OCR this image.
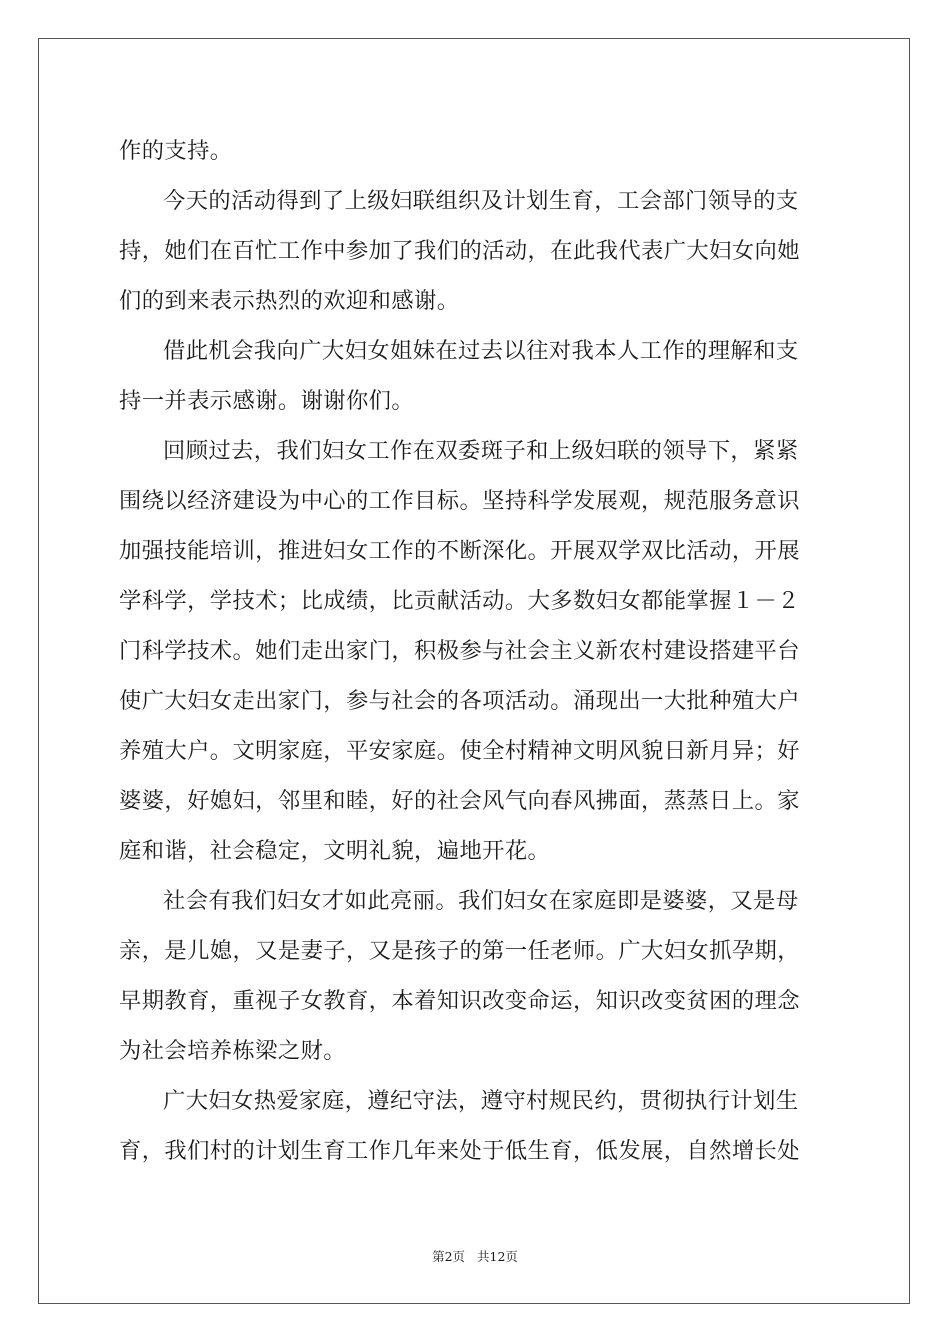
作的支持。
今天的活动得到了上级妇联组织及计划生育，工会部门领导的支
持，她们在百忙工作中参加了我们的活动，在此我代表广大妇女向她
们的到来表示热烈的欢迎和感谢。
借此机会我向广大妇女姐妹在过去以往对我本人工作的理解和支
持一并表示感谢。谢谢你们。
回顾过去，我们妇女工作在双委斑子和上级妇联的领导下，紧紧
围绕以经济建设为中心的工作目标。坚持科学发展观，规范服务意识
加强技能培训，推进妇女工作的不断深化。开展双学双比活动，开展
学科学，学技术；比成绩，比贡献活动。大多数妇女都能掌握１－２
门科学技术。她们走出家门，积极参与社会主义新农村建设搭建平台
使广大妇女走出家门，参与社会的各项活动。涌现出一大批种殖大户
养殖大户。文明家庭，平安家庭。使全村精神文明风貌日新月异；好
婆婆，好媳妇，邻里和睦，好的社会风气向春风拂面，蒸蒸日上。家
庭和谐，社会稳定，文明礼貌，遍地开花。
社会有我们妇女才如此亮丽。我们妇女在家庭即是婆婆，又是母
亲，是儿媳，又是妻子，又是孩子的第一任老师。广大妇女抓孕期，
早期教育，重视子女教育，本着知识改变命运，知识改变贫困的理念
为社会培养栋梁之财。
广大妇女热爱家庭，遵纪守法，遵守村规民约，贯彻执行计划生
育，我们村的计划生育工作几年来处于低生育，低发展，自然增长处
第2页 共12页
